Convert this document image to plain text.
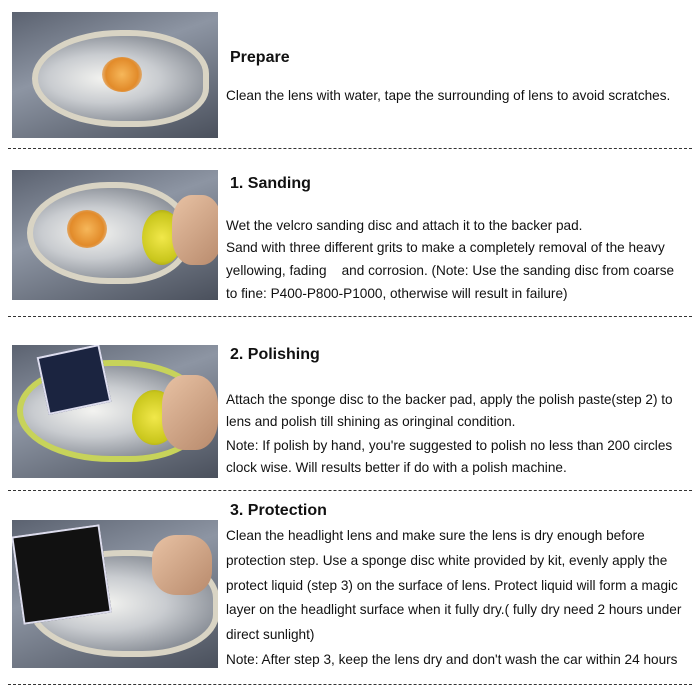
Prepare
Clean the lens with water, tape the surrounding of lens to avoid scratches.
1. Sanding
Wet the velcro sanding disc and attach it to the backer pad.
Sand with three different grits to make a completely removal of the heavy
yellowing, fading    and corrosion. (Note: Use the sanding disc from coarse
to fine: P400-P800-P1000, otherwise will result in failure)
2. Polishing
Attach the sponge disc to the backer pad, apply the polish paste(step 2) to
lens and polish till shining as oringinal condition.
Note: If polish by hand, you're suggested to polish no less than 200 circles
clock wise. Will results better if do with a polish machine.
3. Protection
Clean the headlight lens and make sure the lens is dry enough before
protection step. Use a sponge disc white provided by kit, evenly apply the
protect liquid (step 3) on the surface of lens. Protect liquid will form a magic
layer on the headlight surface when it fully dry.( fully dry need 2 hours under
direct sunlight)
Note: After step 3, keep the lens dry and don't wash the car within 24 hours
